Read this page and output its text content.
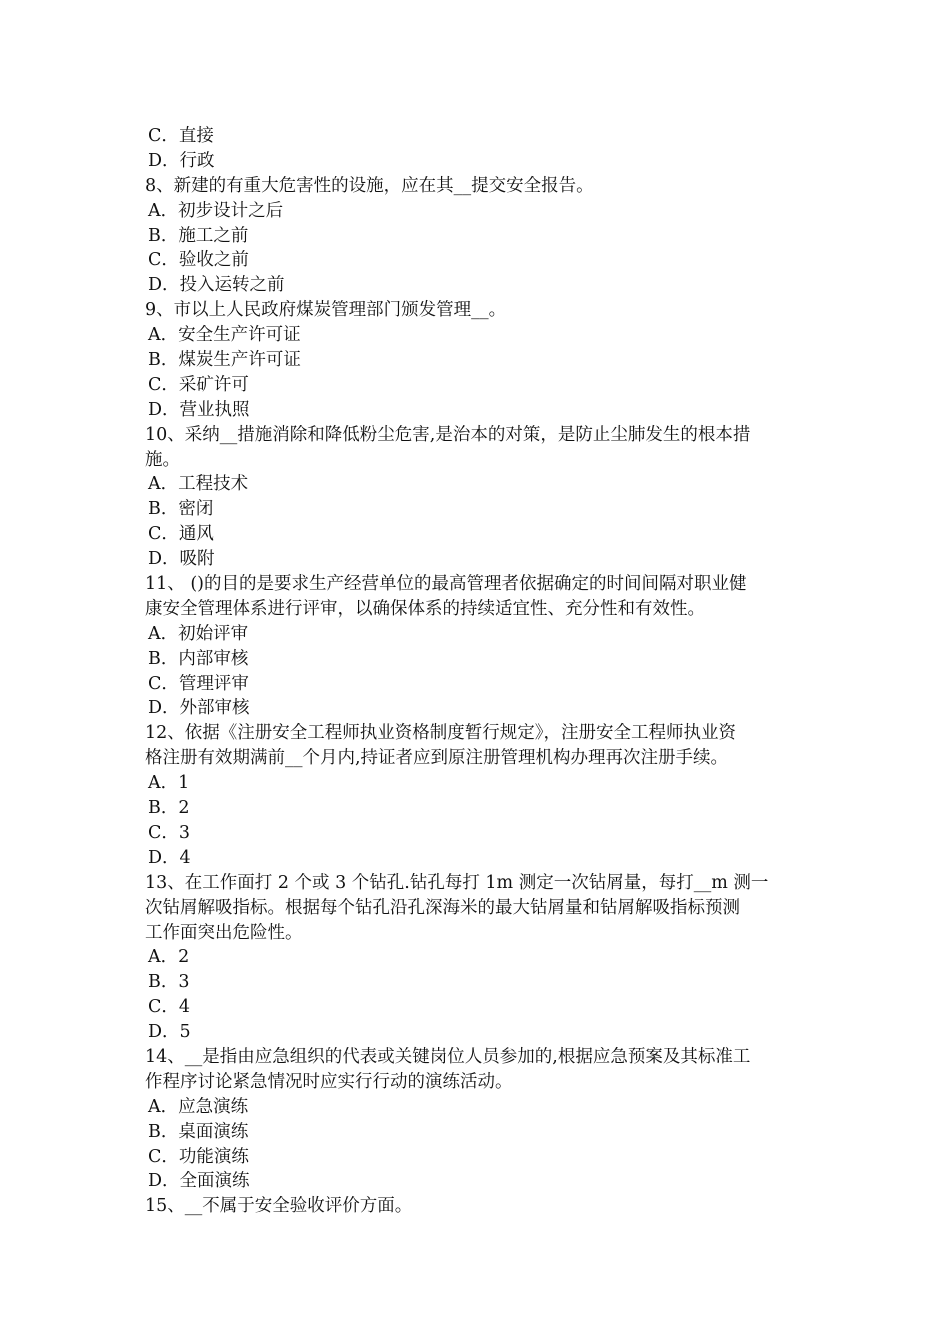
C．直接
D．行政
8、新建的有重大危害性的设施，应在其__提交安全报告。
A．初步设计之后
B．施工之前
C．验收之前
D．投入运转之前
9、市以上人民政府煤炭管理部门颁发管理__。
A．安全生产许可证
B．煤炭生产许可证
C．采矿许可
D．营业执照
10、采纳__措施消除和降低粉尘危害,是治本的对策，是防止尘肺发生的根本措
施。
A．工程技术
B．密闭
C．通风
D．吸附
11、 ()的目的是要求生产经营单位的最高管理者依据确定的时间间隔对职业健
康安全管理体系进行评审，以确保体系的持续适宜性、充分性和有效性。
A．初始评审
B．内部审核
C．管理评审
D．外部审核
12、依据《注册安全工程师执业资格制度暂行规定》，注册安全工程师执业资
格注册有效期满前__个月内,持证者应到原注册管理机构办理再次注册手续。
A．1
B．2
C．3
D．4
13、在工作面打 2 个或 3 个钻孔.钻孔每打 1m 测定一次钻屑量，每打__m 测一
次钻屑解吸指标。根据每个钻孔沿孔深海米的最大钻屑量和钻屑解吸指标预测
工作面突出危险性。
A．2
B．3
C．4
D．5
14、__是指由应急组织的代表或关键岗位人员参加的,根据应急预案及其标准工
作程序讨论紧急情况时应实行行动的演练活动。
A．应急演练
B．桌面演练
C．功能演练
D．全面演练
15、__不属于安全验收评价方面。
